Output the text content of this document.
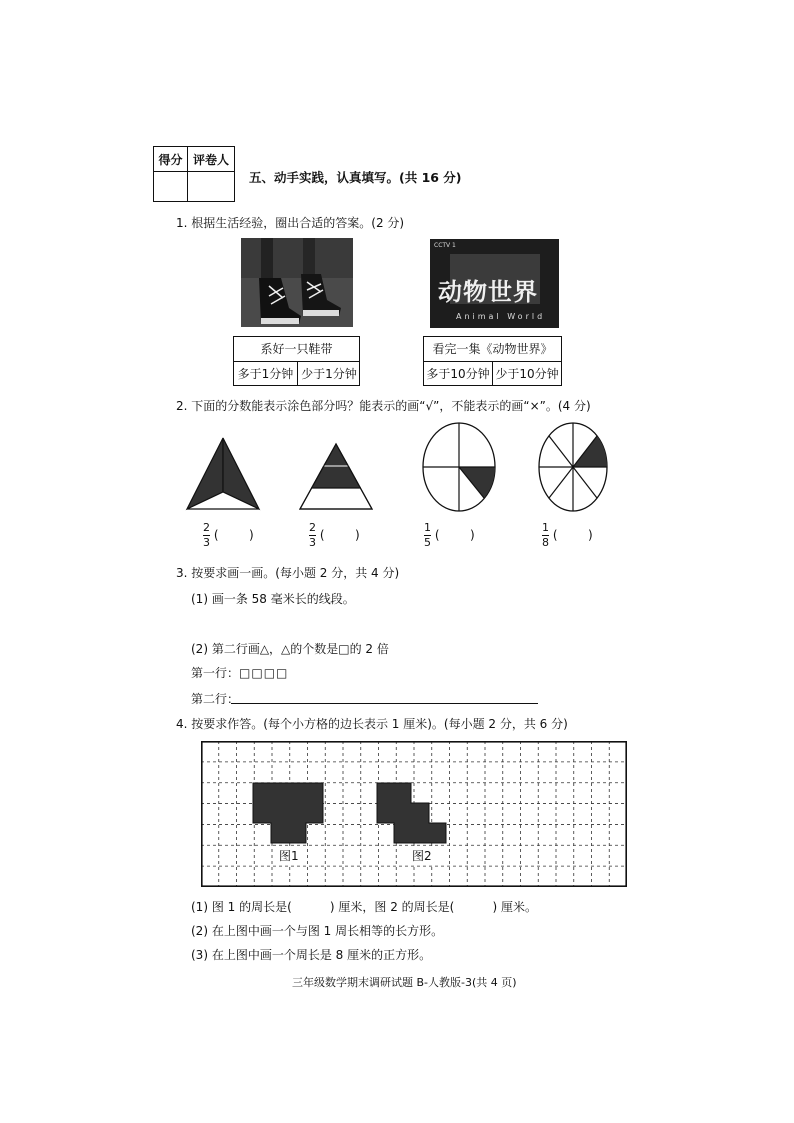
得分 评卷人
五、动手实践，认真填写。(共 16 分)
1. 根据生活经验，圈出合适的答案。(2 分)
CCTV 1
动物世界
Animal World
系好一只鞋带
多于1分钟 少于1分钟
看完一集《动物世界》
多于10分钟 少于10分钟
2. 下面的分数能表示涂色部分吗？能表示的画“√”，不能表示的画“×”。(4 分)
$\frac{2}{3}$ (        )	$\frac{2}{3}$ (        )	$\frac{1}{5}$ (        )	$\frac{1}{8}$ (        )
3. 按要求画一画。(每小题 2 分，共 4 分)
(1) 画一条 58 毫米长的线段。
(2) 第二行画△，△的个数是□的 2 倍
第一行：□□□□
第二行：
4. 按要求作答。(每个小方格的边长表示 1 厘米)。(每小题 2 分，共 6 分)
图1	图2
(1) 图 1 的周长是(          ) 厘米，图 2 的周长是(          ) 厘米。
(2) 在上图中画一个与图 1 周长相等的长方形。
(3) 在上图中画一个周长是 8 厘米的正方形。
三年级数学期末调研试题 B-人教版-3(共 4 页)
